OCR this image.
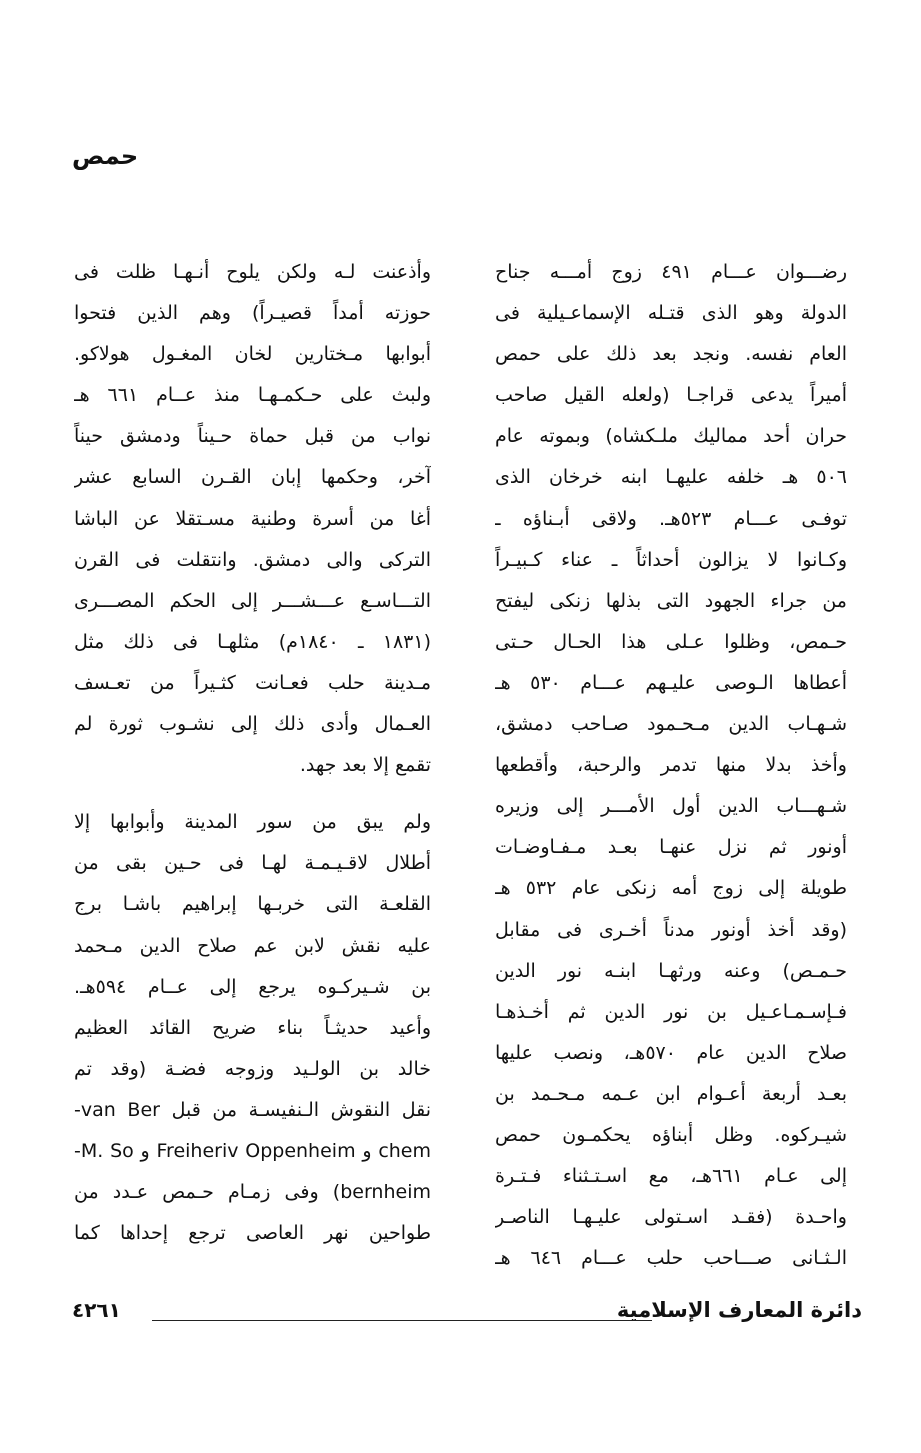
حمص
رضـــوان عـــام ٤٩١ زوج أمـــه جناح
الدولة وهو الذى قتـله الإسماعـيلية فى
العام نفسه. ونجد بعد ذلك على حمص
أميراً يدعى قراجـا (ولعله القيل صاحب
حران أحد مماليك ملـكشاه) وبموته عام
٥٠٦ هـ خلفه عليهـا ابنه خرخان الذى
توفـى عـــام ٥٢٣هـ. ولاقى أبـناؤه ـ
وكـانوا لا يزالون أحداثاً ـ عناء كـبيـراً
من جراء الجهود التى بذلها زنكى ليفتح
حـمص، وظلوا عـلى هذا الحـال حـتى
أعطاها الـوصى عليـهم عـــام ٥٣٠ هـ
شـهـاب الدين مـحـمود صـاحب دمشق،
وأخذ بدلا منها تدمر والرحبة، وأقطعها
شـهـــاب الدين أول الأمـــر إلى وزيره
أونور ثم نزل عنهـا بعـد مـفـاوضـات
طويلة إلى زوج أمه زنكى عام ٥٣٢ هـ
(وقد أخذ أونور مدناً أخـرى فى مقابل
حـمـص) وعنه ورثهـا ابنـه نور الدين
فـإسـمـاعـيل بن نور الدين ثم أخـذهـا
صلاح الدين عام ٥٧٠هـ، ونصب عليها
بعـد أربعة أعـوام ابن عـمه مـحـمد بن
شيـركوه. وظل أبناؤه يحكمـون حمص
إلى عـام ٦٦١هـ، مع اسـتـثناء فـتـرة
واحـدة (فقـد اسـتولى عليـهـا الناصـر
الـثـانى صـــاحب حلب عـــام ٦٤٦ هـ
وأذعنت لـه ولكن يلوح أنـهـا ظلت فى
حوزته أمداً قصيـراً) وهم الذين فتحوا
أبوابها مـختارين لخان المغـول هولاكو.
ولبث على حـكمـهـا منذ عــام ٦٦١ هـ
نواب من قبل حماة حـيناً ودمشق حيناً
آخر، وحكمها إبان القـرن السابع عشر
أغا من أسرة وطنية مسـتقلا عن الباشا
التركى والى دمشق. وانتقلت فى القرن
التـــاسـع عـــشـــر إلى الحكم المصـــرى
(١٨٣١ ـ ١٨٤٠م) مثلهـا فى ذلك مثل
مـدينة حلب فعـانت كثـيراً من تعـسف
العـمال وأدى ذلك إلى نشـوب ثورة لم
تقمع إلا بعد جهد.
ولم يبق من سور المدينة وأبوابها إلا
أطلال لاقـيـمـة لهـا فى حـين بقى من
القلعـة التى خربـها إبراهيم باشـا برج
عليه نقش لابن عم صلاح الدين مـحمد
بن شـيركـوه يرجع إلى عــام ٥٩٤هـ.
وأعيد حديثـاً بناء ضريح القائد العظيم
خالد بن الولـيد وزوجه فضـة (وقد تم
نقل النقوش الـنفيسـة من قبل van Ber-
chem و Freiheriv Oppenheim و M. So-
bernheim) وفى زمـام حـمص عـدد من
طواحين نهر العاصى ترجع إحداها كما
دائرة المعارف الإسلامية
٤٢٦١
